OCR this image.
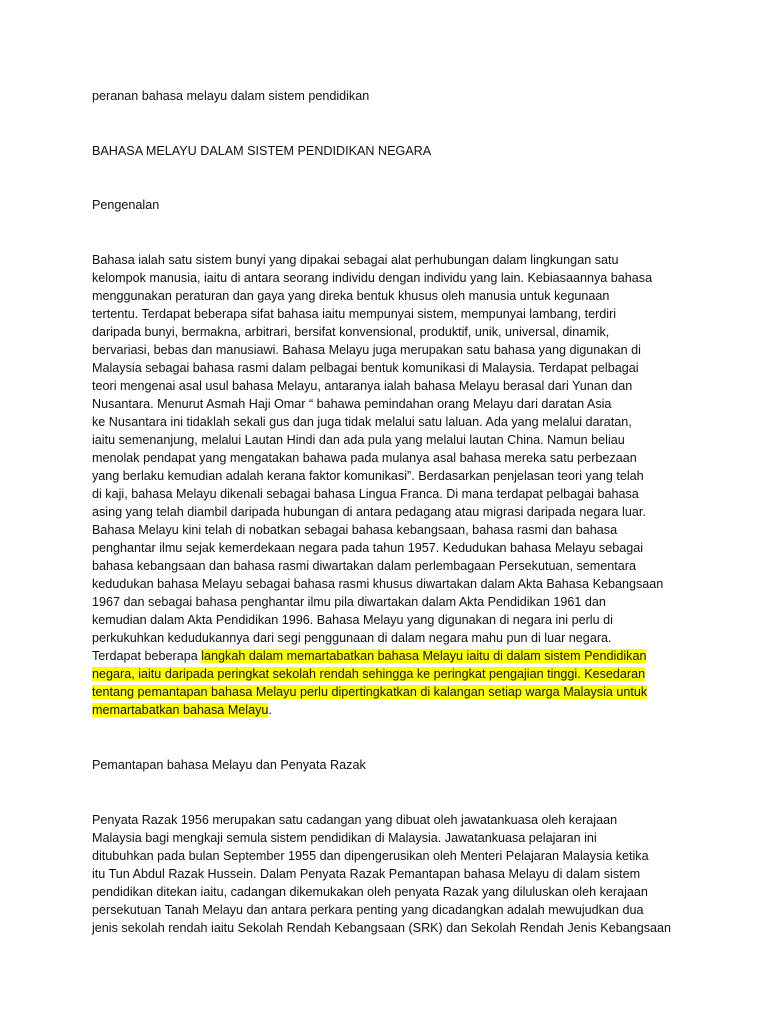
peranan bahasa melayu dalam sistem pendidikan
BAHASA MELAYU DALAM SISTEM PENDIDIKAN NEGARA
Pengenalan
Bahasa ialah satu sistem bunyi yang dipakai sebagai alat perhubungan dalam lingkungan satu
kelompok manusia, iaitu di antara seorang individu dengan individu yang lain. Kebiasaannya bahasa
menggunakan peraturan dan gaya yang direka bentuk khusus oleh manusia untuk kegunaan
tertentu. Terdapat beberapa sifat bahasa iaitu mempunyai sistem, mempunyai lambang, terdiri
daripada bunyi, bermakna, arbitrari, bersifat konvensional, produktif, unik, universal, dinamik,
bervariasi, bebas dan manusiawi. Bahasa Melayu juga merupakan satu bahasa yang digunakan di
Malaysia sebagai bahasa rasmi dalam pelbagai bentuk komunikasi di Malaysia. Terdapat pelbagai
teori mengenai asal usul bahasa Melayu, antaranya ialah bahasa Melayu berasal dari Yunan dan
Nusantara. Menurut Asmah Haji Omar “ bahawa pemindahan orang Melayu dari daratan Asia
ke Nusantara ini tidaklah sekali gus dan juga tidak melalui satu laluan. Ada yang melalui daratan,
iaitu semenanjung, melalui Lautan Hindi dan ada pula yang melalui lautan China. Namun beliau
menolak pendapat yang mengatakan bahawa pada mulanya asal bahasa mereka satu perbezaan
yang berlaku kemudian adalah kerana faktor komunikasi”. Berdasarkan penjelasan teori yang telah
di kaji, bahasa Melayu dikenali sebagai bahasa Lingua Franca. Di mana terdapat pelbagai bahasa
asing yang telah diambil daripada hubungan di antara pedagang atau migrasi daripada negara luar.
Bahasa Melayu kini telah di nobatkan sebagai bahasa kebangsaan, bahasa rasmi dan bahasa
penghantar ilmu sejak kemerdekaan negara pada tahun 1957. Kedudukan bahasa Melayu sebagai
bahasa kebangsaan dan bahasa rasmi diwartakan dalam perlembagaan Persekutuan, sementara
kedudukan bahasa Melayu sebagai bahasa rasmi khusus diwartakan dalam Akta Bahasa Kebangsaan
1967 dan sebagai bahasa penghantar ilmu pila diwartakan dalam Akta Pendidikan 1961 dan
kemudian dalam Akta Pendidikan 1996. Bahasa Melayu yang digunakan di negara ini perlu di
perkukuhkan kedudukannya dari segi penggunaan di dalam negara mahu pun di luar negara.
Terdapat beberapa langkah dalam memartabatkan bahasa Melayu iaitu di dalam sistem Pendidikan
negara, iaitu daripada peringkat sekolah rendah sehingga ke peringkat pengajian tinggi. Kesedaran
tentang pemantapan bahasa Melayu perlu dipertingkatkan di kalangan setiap warga Malaysia untuk
memartabatkan bahasa Melayu.
Pemantapan bahasa Melayu dan Penyata Razak
Penyata Razak 1956 merupakan satu cadangan yang dibuat oleh jawatankuasa oleh kerajaan
Malaysia bagi mengkaji semula sistem pendidikan di Malaysia. Jawatankuasa pelajaran ini
ditubuhkan pada bulan September 1955 dan dipengerusikan oleh Menteri Pelajaran Malaysia ketika
itu Tun Abdul Razak Hussein. Dalam Penyata Razak Pemantapan bahasa Melayu di dalam sistem
pendidikan ditekan iaitu, cadangan dikemukakan oleh penyata Razak yang diluluskan oleh kerajaan
persekutuan Tanah Melayu dan antara perkara penting yang dicadangkan adalah mewujudkan dua
jenis sekolah rendah iaitu Sekolah Rendah Kebangsaan (SRK) dan Sekolah Rendah Jenis Kebangsaan
